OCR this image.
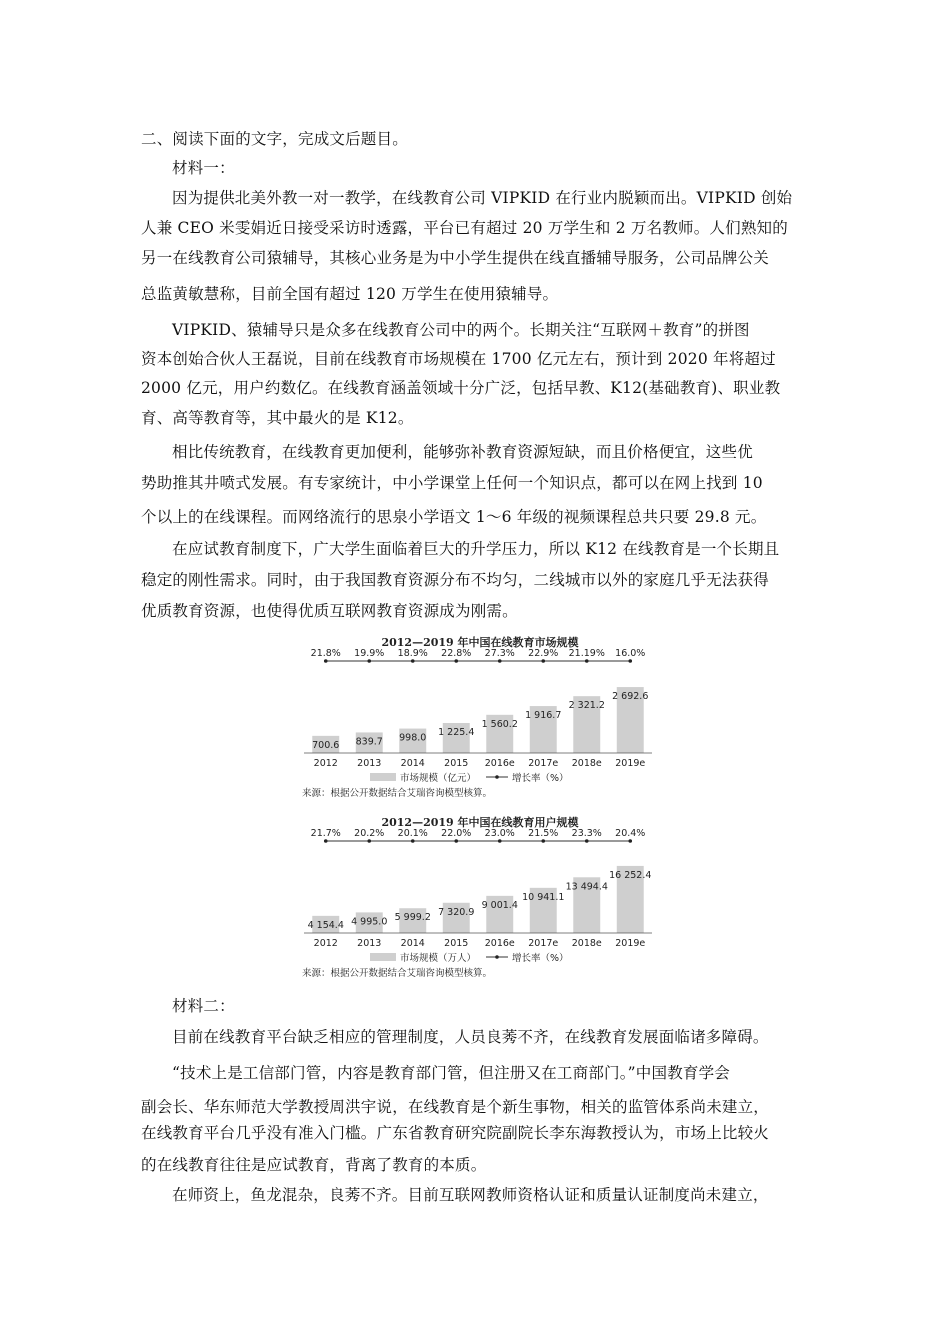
二、阅读下面的文字，完成文后题目。
材料一：
因为提供北美外教一对一教学，在线教育公司 VIPKID 在行业内脱颖而出。VIPKID 创始
人兼 CEO 米雯娟近日接受采访时透露，平台已有超过 20 万学生和 2 万名教师。人们熟知的
另一在线教育公司猿辅导，其核心业务是为中小学生提供在线直播辅导服务，公司品牌公关
总监黄敏慧称，目前全国有超过 120 万学生在使用猿辅导。
VIPKID、猿辅导只是众多在线教育公司中的两个。长期关注“互联网＋教育”的拼图
资本创始合伙人王磊说，目前在线教育市场规模在 1700 亿元左右，预计到 2020 年将超过
2000 亿元，用户约数亿。在线教育涵盖领域十分广泛，包括早教、K12(基础教育)、职业教
育、高等教育等，其中最火的是 K12。
相比传统教育，在线教育更加便利，能够弥补教育资源短缺，而且价格便宜，这些优
势助推其井喷式发展。有专家统计，中小学课堂上任何一个知识点，都可以在网上找到 10
个以上的在线课程。而网络流行的思泉小学语文 1～6 年级的视频课程总共只要 29.8 元。
在应试教育制度下，广大学生面临着巨大的升学压力，所以 K12 在线教育是一个长期且
稳定的刚性需求。同时，由于我国教育资源分布不均匀，二线城市以外的家庭几乎无法获得
优质教育资源，也使得优质互联网教育资源成为刚需。
2012—2019 年中国在线教育市场规模
21.8%
700.6
2012
19.9%
839.7
2013
18.9%
998.0
2014
22.8%
1 225.4
2015
27.3%
1 560.2
2016e
22.9%
1 916.7
2017e
21.19%
2 321.2
2018e
16.0%
2 692.6
2019e
市场规模（亿元）	增长率（%）
来源：根据公开数据结合艾瑞咨询模型核算。
2012—2019 年中国在线教育用户规模
21.7%
4 154.4
2012
20.2%
4 995.0
2013
20.1%
5 999.2
2014
22.0%
7 320.9
2015
23.0%
9 001.4
2016e
21.5%
10 941.1
2017e
23.3%
13 494.4
2018e
20.4%
16 252.4
2019e
市场规模（万人）	增长率（%）
来源：根据公开数据结合艾瑞咨询模型核算。
材料二：
目前在线教育平台缺乏相应的管理制度，人员良莠不齐，在线教育发展面临诸多障碍。
“技术上是工信部门管，内容是教育部门管，但注册又在工商部门。”中国教育学会
副会长、华东师范大学教授周洪宇说，在线教育是个新生事物，相关的监管体系尚未建立，
在线教育平台几乎没有准入门槛。广东省教育研究院副院长李东海教授认为，市场上比较火
的在线教育往往是应试教育，背离了教育的本质。
在师资上，鱼龙混杂，良莠不齐。目前互联网教师资格认证和质量认证制度尚未建立，
